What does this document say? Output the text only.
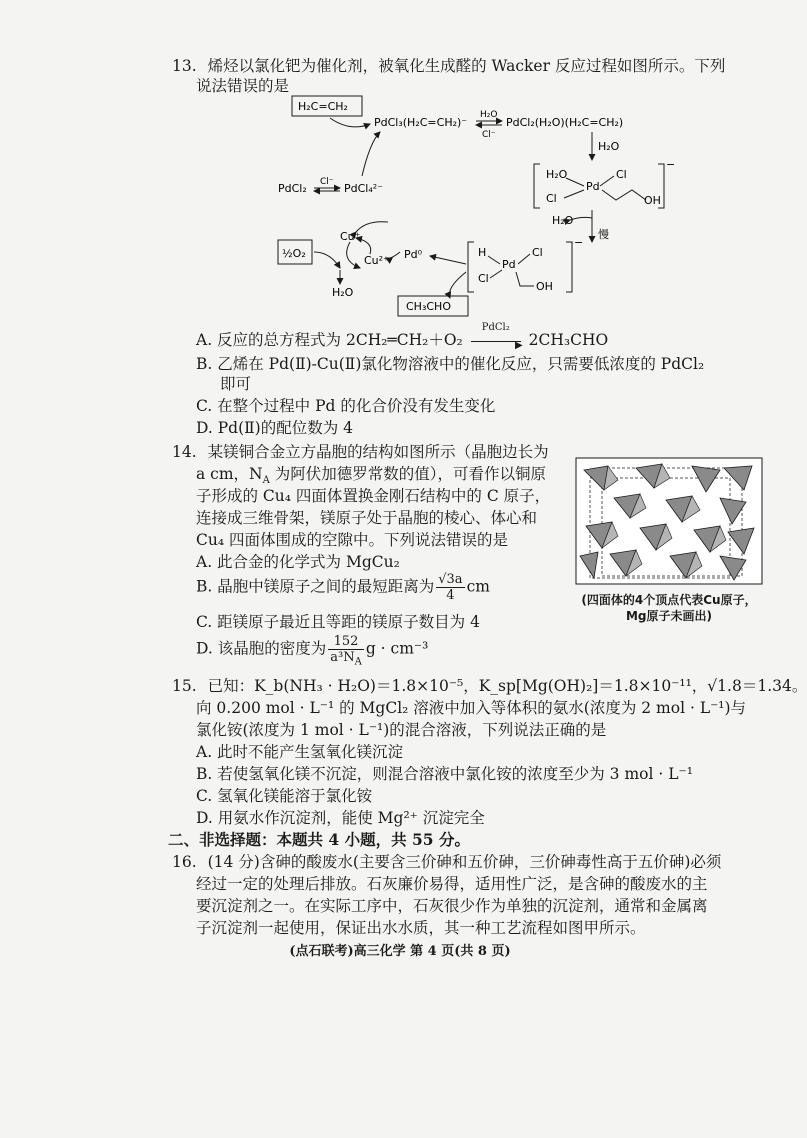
13. 烯烃以氯化钯为催化剂，被氧化生成醛的 Wacker 反应过程如图所示。下列
说法错误的是
H₂C=CH₂
PdCl₃(H₂C=CH₂)⁻
H₂O
Cl⁻
PdCl₂(H₂O)(H₂C=CH₂)
H₂O
−
H₂O	Cl
Pd
Cl	OH
H₂O
慢
−
H	Cl
Pd
Cl
OH
Pd⁰
CH₃CHO
PdCl₂ Cl⁻ PdCl₄²⁻
Cu⁺
Cu²⁺
½O₂
H₂O
A. 反应的总方程式为 2CH₂═CH₂＋O₂
PdCl₂
▶ 2CH₃CHO
B. 乙烯在 Pd(Ⅱ)-Cu(Ⅱ)氯化物溶液中的催化反应，只需要低浓度的 PdCl₂
即可
C. 在整个过程中 Pd 的化合价没有发生变化
D. Pd(Ⅱ)的配位数为 4
14. 某镁铜合金立方晶胞的结构如图所示（晶胞边长为
a cm，$N_A$ 为阿伏加德罗常数的值），可看作以铜原
子形成的 Cu₄ 四面体置换金刚石结构中的 C 原子，
连接成三维骨架，镁原子处于晶胞的棱心、体心和
Cu₄ 四面体围成的空隙中。下列说法错误的是
A. 此合金的化学式为 MgCu₂
B. 晶胞中镁原子之间的最短距离为 $\frac{√3a}{4}$ cm
C. 距镁原子最近且等距的镁原子数目为 4
D. 该晶胞的密度为 $\frac{152}{a^3N_A}$ g · cm⁻³
(四面体的4个顶点代表Cu原子，
Mg原子未画出)
15. 已知：K_b(NH₃ · H₂O)＝1.8×10⁻⁵，K_sp[Mg(OH)₂]＝1.8×10⁻¹¹，√1.8＝1.34。
向 0.200 mol · L⁻¹ 的 MgCl₂ 溶液中加入等体积的氨水(浓度为 2 mol · L⁻¹)与
氯化铵(浓度为 1 mol · L⁻¹)的混合溶液，下列说法正确的是
A. 此时不能产生氢氧化镁沉淀
B. 若使氢氧化镁不沉淀，则混合溶液中氯化铵的浓度至少为 3 mol · L⁻¹
C. 氢氧化镁能溶于氯化铵
D. 用氨水作沉淀剂，能使 Mg²⁺ 沉淀完全
二、非选择题：本题共 4 小题，共 55 分。
16. (14 分)含砷的酸废水(主要含三价砷和五价砷，三价砷毒性高于五价砷)必须
经过一定的处理后排放。石灰廉价易得，适用性广泛，是含砷的酸废水的主
要沉淀剂之一。在实际工序中，石灰很少作为单独的沉淀剂，通常和金属离
子沉淀剂一起使用，保证出水水质，其一种工艺流程如图甲所示。
(点石联考)高三化学 第 4 页(共 8 页)
